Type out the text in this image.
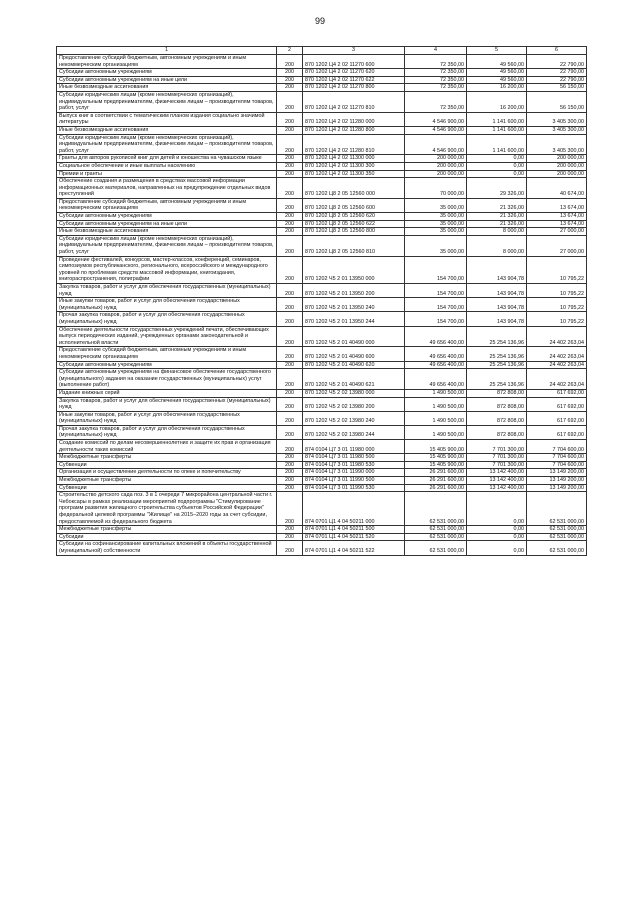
99
1	2	3	4	5	6
Предоставление субсидий бюджетным, автономным учреждениям и иным некоммерческим организациям	200	870 1202 Ц4 2 02 11270 600	72 350,00	49 560,00	22 790,00
Субсидии автономным учреждениям	200	870 1202 Ц4 2 02 11270 620	72 350,00	49 560,00	22 790,00
Субсидии автономным учреждениям на иные цели	200	870 1202 Ц4 2 02 11270 622	72 350,00	49 560,00	22 790,00
Иные безвозмездные ассигнования	200	870 1202 Ц4 2 02 11270 800	72 350,00	16 200,00	56 150,00
Субсидии юридическим лицам (кроме некоммерческих организаций), индивидуальным предпринимателям, физическим лицам – производителям товаров, работ, услуг	200	870 1202 Ц4 2 02 11270 810	72 350,00	16 200,00	56 150,00
Выпуск книг в соответствии с тематическим планом издания социально значимой литературы	200	870 1202 Ц4 2 02 11280 000	4 546 900,00	1 141 600,00	3 405 300,00
Иные безвозмездные ассигнования	200	870 1202 Ц4 2 02 11280 800	4 546 900,00	1 141 600,00	3 405 300,00
Субсидии юридическим лицам (кроме некоммерческих организаций), индивидуальным предпринимателям, физическим лицам – производителям товаров, работ, услуг	200	870 1202 Ц4 2 02 11280 810	4 546 900,00	1 141 600,00	3 405 300,00
Гранты для авторов рукописей книг для детей и юношества на чувашском языке	200	870 1202 Ц4 2 02 11300 000	200 000,00	0,00	200 000,00
Социальное обеспечение и иные выплаты населению	200	870 1202 Ц4 2 02 11300 300	200 000,00	0,00	200 000,00
Премии и гранты	200	870 1202 Ц4 2 02 11300 350	200 000,00	0,00	200 000,00
Обеспечение создания и размещения в средствах массовой информации информационных материалов, направленных на предупреждение отдельных видов преступлений	200	870 1202 Ц8 2 05 12560 000	70 000,00	29 326,00	40 674,00
Предоставление субсидий бюджетным, автономным учреждениям и иным некоммерческим организациям	200	870 1202 Ц8 2 05 12560 600	35 000,00	21 326,00	13 674,00
Субсидии автономным учреждениям	200	870 1202 Ц8 2 05 12560 620	35 000,00	21 326,00	13 674,00
Субсидии автономным учреждениям на иные цели	200	870 1202 Ц8 2 05 12560 622	35 000,00	21 326,00	13 674,00
Иные безвозмездные ассигнования	200	870 1202 Ц8 2 05 12560 800	35 000,00	8 000,00	27 000,00
Субсидии юридическим лицам (кроме некоммерческих организаций), индивидуальным предпринимателям, физическим лицам – производителям товаров, работ, услуг	200	870 1202 Ц8 2 05 12560 810	35 000,00	8 000,00	27 000,00
Проведение фестивалей, конкурсов, мастер-классов, конференций, семинаров, симпозиумов республиканского, регионального, всероссийского и международного уровней по проблемам средств массовой информации, книгоиздания, книгораспространения, полиграфии	200	870 1202 Ч5 2 01 13950 000	154 700,00	143 904,78	10 795,22
Закупка товаров, работ и услуг для обеспечения государственных (муниципальных) нужд	200	870 1202 Ч5 2 01 13950 200	154 700,00	143 904,78	10 795,22
Иные закупки товаров, работ и услуг для обеспечения государственных (муниципальных) нужд	200	870 1202 Ч5 2 01 13950 240	154 700,00	143 904,78	10 795,22
Прочая закупка товаров, работ и услуг для обеспечения государственных (муниципальных) нужд	200	870 1202 Ч5 2 01 13950 244	154 700,00	143 904,78	10 795,22
Обеспечение деятельности государственных учреждений печати, обеспечивающих выпуск периодических изданий, учрежденных органами законодательной и исполнительной власти	200	870 1202 Ч5 2 01 40490 000	49 656 400,00	25 254 136,96	24 402 263,04
Предоставление субсидий бюджетным, автономным учреждениям и иным некоммерческим организациям	200	870 1202 Ч5 2 01 40490 600	49 656 400,00	25 254 136,96	24 402 263,04
Субсидии автономным учреждениям	200	870 1202 Ч5 2 01 40490 620	49 656 400,00	25 254 136,96	24 402 263,04
Субсидии автономным учреждениям на финансовое обеспечение государственного (муниципального) задания на оказание государственных (муниципальных) услуг (выполнение работ)	200	870 1202 Ч5 2 01 40490 621	49 656 400,00	25 254 136,96	24 402 263,04
Издание книжных серий	200	870 1202 Ч5 2 02 13980 000	1 490 500,00	872 808,00	617 692,00
Закупка товаров, работ и услуг для обеспечения государственных (муниципальных) нужд	200	870 1202 Ч5 2 02 13980 200	1 490 500,00	872 808,00	617 692,00
Иные закупки товаров, работ и услуг для обеспечения государственных (муниципальных) нужд	200	870 1202 Ч5 2 02 13980 240	1 490 500,00	872 808,00	617 692,00
Прочая закупка товаров, работ и услуг для обеспечения государственных (муниципальных) нужд	200	870 1202 Ч5 2 02 13980 244	1 490 500,00	872 808,00	617 692,00
Создание комиссий по делам несовершеннолетних и защите их прав и организация деятельности таких комиссий	200	874 0104 Ц7 3 01 11980 000	15 405 900,00	7 701 300,00	7 704 600,00
Межбюджетные трансферты	200	874 0104 Ц7 3 01 11980 500	15 405 900,00	7 701 300,00	7 704 600,00
Субвенции	200	874 0104 Ц7 3 01 11980 530	15 405 900,00	7 701 300,00	7 704 600,00
Организация и осуществление деятельности по опеке и попечительству	200	874 0104 Ц7 3 01 11990 000	26 291 600,00	13 142 400,00	13 149 200,00
Межбюджетные трансферты	200	874 0104 Ц7 3 01 11990 500	26 291 600,00	13 142 400,00	13 149 200,00
Субвенции	200	874 0104 Ц7 3 01 11990 530	26 291 600,00	13 142 400,00	13 149 200,00
Строительство детского сада поз. 3 в 1 очереди 7 микрорайона центральной части г. Чебоксары в рамках реализации мероприятий подпрограммы "Стимулирование программ развития жилищного строительства субъектов Российской Федерации" федеральной целевой программы "Жилище" на 2015–2020 годы за счет субсидии, предоставляемой из федерального бюджета	200	874 0701 Ц1 4 04 50211 000	62 531 000,00	0,00	62 531 000,00
Межбюджетные трансферты	200	874 0701 Ц1 4 04 50211 500	62 531 000,00	0,00	62 531 000,00
Субсидии	200	874 0701 Ц1 4 04 50211 520	62 531 000,00	0,00	62 531 000,00
Субсидии на софинансирование капитальных вложений в объекты государственной (муниципальной) собственности	200	874 0701 Ц1 4 04 50211 522	62 531 000,00	0,00	62 531 000,00
